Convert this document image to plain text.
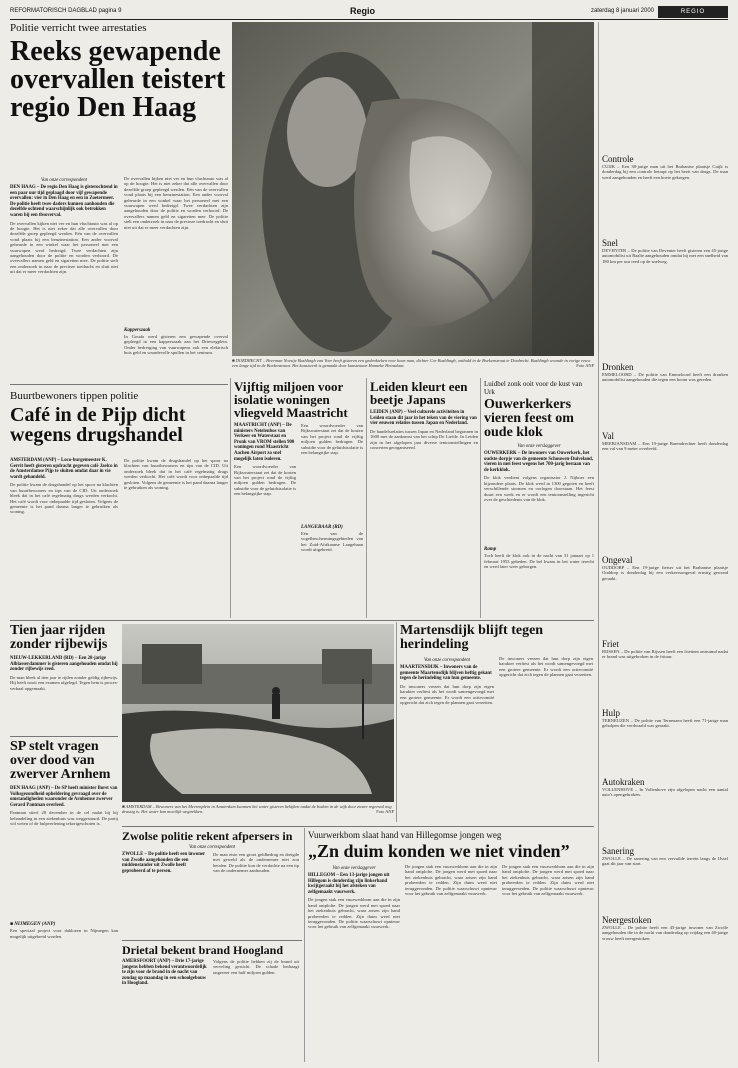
REFORMATORISCH DAGBLAD pagina 9	Regio	zaterdag 8 januari 2000	REGIO
Politie verricht twee arrestaties
Reeks gewapende overvallen teistert regio Den Haag
Van onze correspondent
DEN HAAG – De regio Den Haag is gisterochtend in een paar uur tijd geplaagd door vijf gewapende overvallen: vier in Den Haag en een in Zoetermeer. De politie heeft twee daders kunnen aanhouden die dezelfde ochtend waarschijnlijk ook betrokken waren bij een tbsoverval.
De overvallen kijken niet ver en hun vluchtauto was al op de hoogte. Het is niet zeker dat alle overvallen door dezelfde groep gepleegd werden. Eén van de overvallen vond plaats bij een benzinestation. Een ander voorval gebeurde in een winkel waar het personeel met een vuurwapen werd bedreigd. Twee verdachten zijn aangehouden door de politie en worden verhoord. De overvallers namen geld en sigaretten mee. De politie stelt een onderzoek in naar de precieze toedracht en sluit niet uit dat er meer verdachten zijn.
De overvallen kijken niet ver en hun vluchtauto was al op de hoogte. Het is niet zeker dat alle overvallen door dezelfde groep gepleegd werden. Eén van de overvallen vond plaats bij een benzinestation. Een ander voorval gebeurde in een winkel waar het personeel met een vuurwapen werd bedreigd. Twee verdachten zijn aangehouden door de politie en worden verhoord. De overvallers namen geld en sigaretten mee. De politie stelt een onderzoek in naar de precieze toedracht en sluit niet uit dat er meer verdachten zijn.
Kapperszaak
In Gouda werd gisteren een gewapende overval gepleegd in een kapperszaak aan het Driewegplein. Onder bedreiging van vuurwapens ook een elektrisch huis geld en waardevolle spullen in het centrum.
■ DORDRECHT – Heerman Noestje Bushlingh van Voer heeft gisteren een gedenkteken voor haar man, dichter Cor Bushlingh, onthuld in de Boekenstraat te Dordrecht. Bushlingh woonde in vorige eeuw een lange tijd in de Boekenstraat. Het kunstwerk is gemaakt door kunstenaar Hanneke Heinsdaar.	Foto ANP
Controle
CUIJK – Een 38-jarige man uit het Brabantse plaatsje Cuijk is donderdag bij een controle betrapt op het bezit van drugs. De man werd aangehouden en heeft een boete gekregen.
Snel
DEVENTER – De politie van Deventer heeft gisteren een 45-jarige automobilist uit Raalte aangehouden omdat hij met een snelheid van 180 km per uur reed op de snelweg.
Dronken
EMMELOORD – De politie van Emmeloord heeft een dronken automobilist aangehouden die tegen een boom was gereden.
Val
MEERJANSDAM – Een 19-jarige Barendrechter heeft donderdag een val van 9 meter overleefd.
Ongeval
OUDDORP – Een 19-jarige fietser uit het Brabantse plaatsje Ouddorp is donderdag bij een verkeersongeval ernstig gewond geraakt.
Friet
RIJSSEN – De politie van Rijssen heeft een friettent ontruimd nadat er brand was uitgebroken in de frituur.
Hulp
TERNEUZEN – De politie van Terneuzen heeft een 71-jarige man geholpen die verdwaald was geraakt.
Autokraken
VOLLENHOVE – In Vollenhove zijn afgelopen nacht een aantal auto's opengebroken.
Sanering
ZWOLLE – De sanering van een vervuilde terrein langs de IJssel gaat dit jaar van start.
Neergestoken
ZWOLLE – De politie heeft een 45-jarige inwoner van Zwolle aangehouden die in de nacht van donderdag op vrijdag een 40-jarige vrouw heeft neergestoken.
Buurtbewoners tippen politie
Café in de Pijp dicht wegens drugshandel
AMSTERDAM (ANP) – Loco-burgemeester K. Gerrit heeft gisteren opdracht gegeven café Jaelco in de Amsterdamse Pijp te sluiten omdat daar in vie wordt gehandeld.
De politie kwam de drugshandel op het spoor na klachten van buurtbewoners en tips van de CID. Uit onderzoek bleek dat in het café regelmatig drugs werden verkocht. Het café wordt voor onbepaalde tijd gesloten. Volgens de gemeente is het pand daarna langer te gebruiken als woning.
De politie kwam de drugshandel op het spoor na klachten van buurtbewoners en tips van de CID. Uit onderzoek bleek dat in het café regelmatig drugs werden verkocht. Het café wordt voor onbepaalde tijd gesloten. Volgens de gemeente is het pand daarna langer te gebruiken als woning.
Vijftig miljoen voor isolatie woningen vliegveld Maastricht
MAASTRICHT (ANP) – De ministers Netelenbos van Verkeer en Waterstaat en Pronk van VROM stellen 900 woningen rond Maastricht Aachen Airport zo snel mogelijk laten isoleren.
Een woordvoerder van Rijkswaterstaat zei dat de kosten van het project rond de vijftig miljoen gulden bedragen. De subsidie voor de geluidsisolatie is een belangrijke stap.
Een woordvoerder van Rijkswaterstaat zei dat de kosten van het project rond de vijftig miljoen gulden bedragen. De subsidie voor de geluidsisolatie is een belangrijke stap.
LANGEBAAR (RD)
Eén van de vogelbeschermingsgebieden van het Zuid-Afrikaanse Langebaan wordt uitgebreid.
Leiden kleurt een beetje Japans
LEIDEN (ANP) – Veel culturele activiteiten in Leiden staan dit jaar in het teken van de viering van vier eeuwen relaties tussen Japan en Nederland.
De handelsrelaties tussen Japan en Nederland begonnen in 1600 met de aankomst van het schip De Liefde. In Leiden zijn in het afgelopen jaar diverse tentoonstellingen en concerten georganiseerd.
Luidbel zonk ooit voor de kust van Urk
Ouwerkerkers vieren feest om oude klok
Van onze verslaggever
OUWERKERK – De inwoners van Ouwerkerk, het oudste dorpje van de gemeente Schouwen-Duiveland, vieren in mei feest wegens het 700-jarig bestaan van de kerkklok.
De klok verdient volgens organisator J. Nijboer een bijzondere plaats. De klok werd in 1300 gegoten en heeft verschillende stormen en oorlogen doorstaan. Het feest duurt een week en er wordt een tentoonstelling ingericht over de geschiedenis van de klok.
Ramp
Toch heeft de klok ook in de nacht van 31 januari op 1 februari 1953 gebeden. De bel kwam in het water terecht en werd later weer geborgen.
Tien jaar rijden zonder rijbewijs
NIEUW-LEKKERLAND (RD) – Een 28-jarige Alblasserdammer is gisteren aangehouden omdat hij zonder rijbewijs reed.
De man bleek al tien jaar te rijden zonder geldig rijbewijs. Hij heeft nooit een examen afgelegd. Tegen hem is proces-verbaal opgemaakt.
SP stelt vragen over dood van zwerver Arnhem
DEN HAAG (ANP) – De SP heeft minister Borst van Volksgezondheid opheldering gevraagd over de omstandigheden waaronder de Arnhemse zwerver Gerard Pantman overleed.
Pantman stierf 28 december in de cel nadat hij bij behandeling in een ziekenhuis was weggestuurd. De partij wil weten of de hulpverlening tekortgeschoten is.
■ NIJMEGEN (ANP)
Een speciaal project voor daklozen in Nijmegen kan mogelijk uitgebreid worden.
■ AMSTERDAM – Bewoners van het Meerenplein in Amsterdam kwamen het water gisteren bekijken nadat de bodem in de wijk door zware regenval nog drassig is. Het water kan moeilijk wegtrekken.	Foto ANP
Martensdijk blijft tegen herindeling
Van onze correspondent
MAARTENSDIJK – Inwoners van de gemeente Maartensdijk blijven heftig gekant tegen de herindeling van hun gemeente.
De inwoners vrezen dat hun dorp zijn eigen karakter verliest als het wordt samengevoegd met een grotere gemeente. Er wordt een actiecomité opgericht dat zich tegen de plannen gaat verzetten.
De inwoners vrezen dat hun dorp zijn eigen karakter verliest als het wordt samengevoegd met een grotere gemeente. Er wordt een actiecomité opgericht dat zich tegen de plannen gaat verzetten.
Zwolse politie rekent afpersers in
Van onze correspondent
ZWOLLE – De politie heeft een inwoner van Zwolle aangehouden die een middenstander uit Zwolle heeft geprobeerd af te persen.
De man eiste een groot geldbedrag en dreigde met geweld als de ondernemer niet zou betalen. De politie kon de verdachte na een tip van de ondernemer aanhouden.
Drietal bekent brand Hoogland
AMERSFOORT (ANP) – Drie 17-jarige jongens hebben bekend verantwoordelijk te zijn voor de brand in de nacht van zondag op maandag in een schoolgebouw in Hoogland.
Volgens de politie hebben zij de brand uit verveling gesticht. De schade bedraagt ongeveer een half miljoen gulden.
Vuurwerkbom slaat hand van Hillegomse jongen weg
„Zn duim konden we niet vinden”
Van onze verslaggever
HILLEGOM – Een 13-jarige jongen uit Hillegom is donderdag zijn linkerhand kwijtgeraakt bij het afsteken van zelfgemaakt vuurwerk.
De jongen stak een vuurwerkbom aan die in zijn hand ontplofte. De jongen werd met spoed naar het ziekenhuis gebracht, waar artsen zijn hand probeerden te redden. Zijn duim werd niet teruggevonden. De politie waarschuwt opnieuw voor het gebruik van zelfgemaakt vuurwerk.
De jongen stak een vuurwerkbom aan die in zijn hand ontplofte. De jongen werd met spoed naar het ziekenhuis gebracht, waar artsen zijn hand probeerden te redden. Zijn duim werd niet teruggevonden. De politie waarschuwt opnieuw voor het gebruik van zelfgemaakt vuurwerk.
De jongen stak een vuurwerkbom aan die in zijn hand ontplofte. De jongen werd met spoed naar het ziekenhuis gebracht, waar artsen zijn hand probeerden te redden. Zijn duim werd niet teruggevonden. De politie waarschuwt opnieuw voor het gebruik van zelfgemaakt vuurwerk.
